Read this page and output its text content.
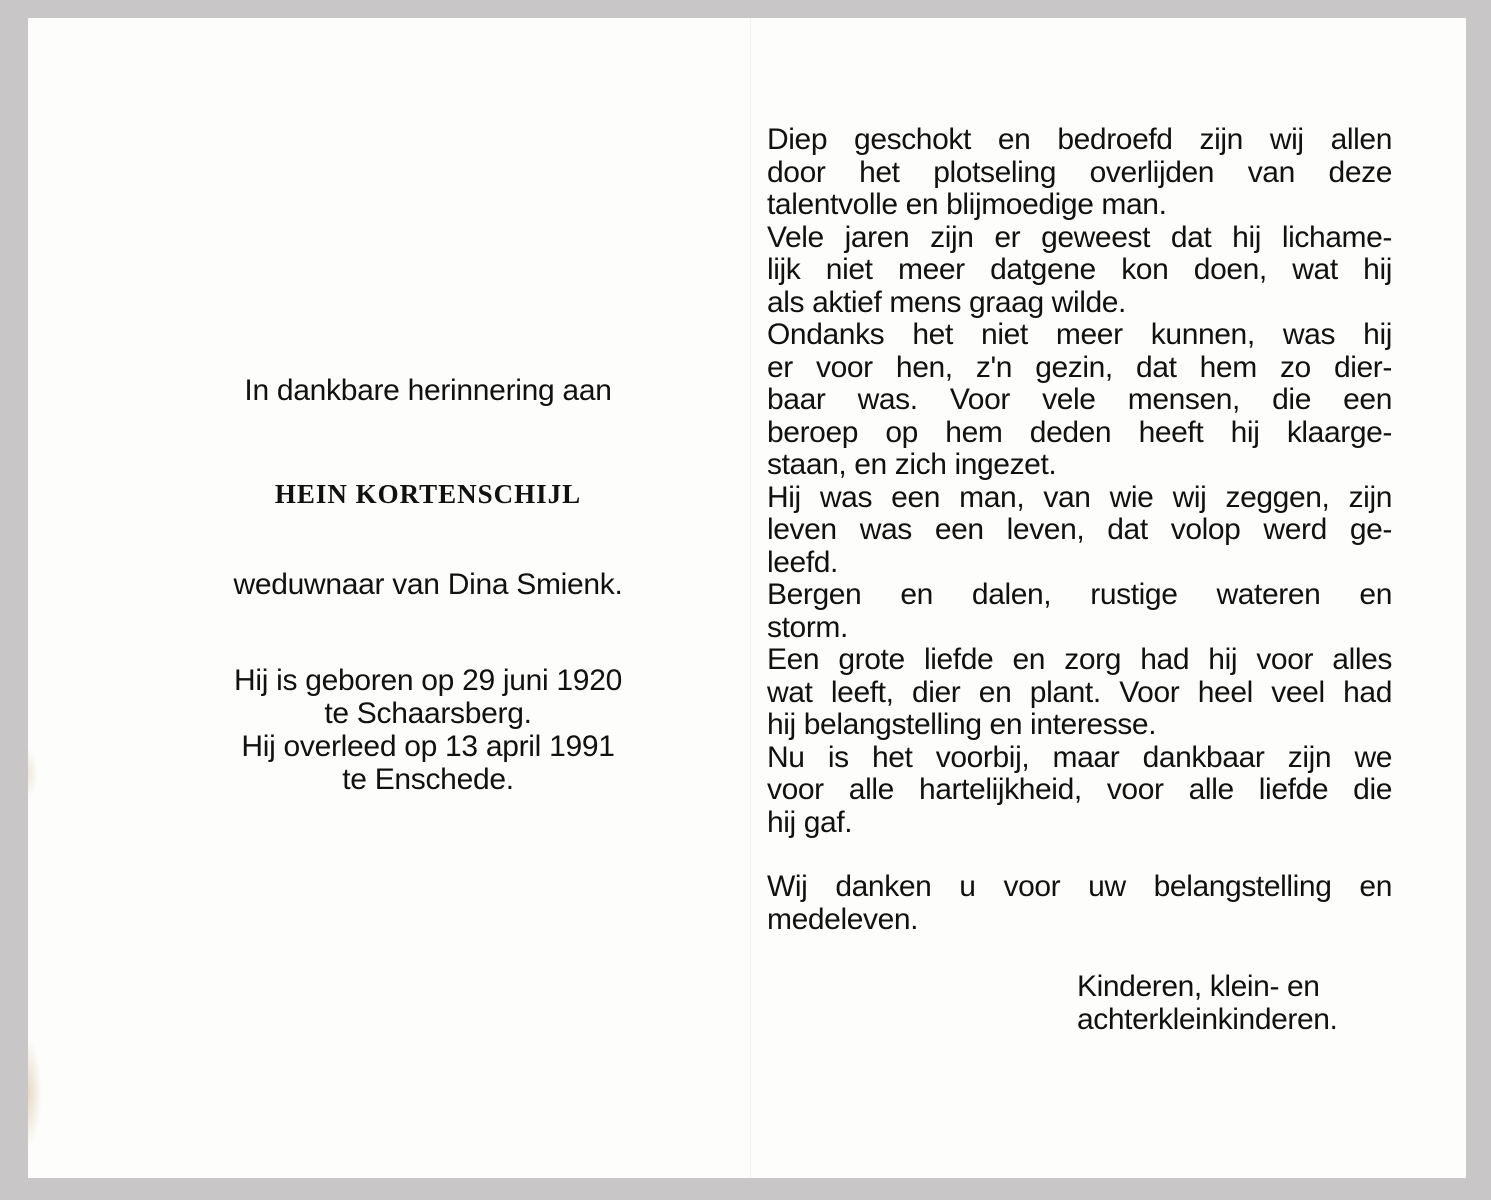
In dankbare herinnering aan
HEIN KORTENSCHIJL
weduwnaar van Dina Smienk.
Hij is geboren op 29 juni 1920
te Schaarsberg.
Hij overleed op 13 april 1991
te Enschede.
Diep geschokt en bedroefd zijn wij allen
door het plotseling overlijden van deze
talentvolle en blijmoedige man.
Vele jaren zijn er geweest dat hij lichame-
lijk niet meer datgene kon doen, wat hij
als aktief mens graag wilde.
Ondanks het niet meer kunnen, was hij
er voor hen, z'n gezin, dat hem zo dier-
baar was. Voor vele mensen, die een
beroep op hem deden heeft hij klaarge-
staan, en zich ingezet.
Hij was een man, van wie wij zeggen, zijn
leven was een leven, dat volop werd ge-
leefd.
Bergen en dalen, rustige wateren en
storm.
Een grote liefde en zorg had hij voor alles
wat leeft, dier en plant. Voor heel veel had
hij belangstelling en interesse.
Nu is het voorbij, maar dankbaar zijn we
voor alle hartelijkheid, voor alle liefde die
hij gaf.
Wij danken u voor uw belangstelling en
medeleven.
Kinderen, klein- en
achterkleinkinderen.
